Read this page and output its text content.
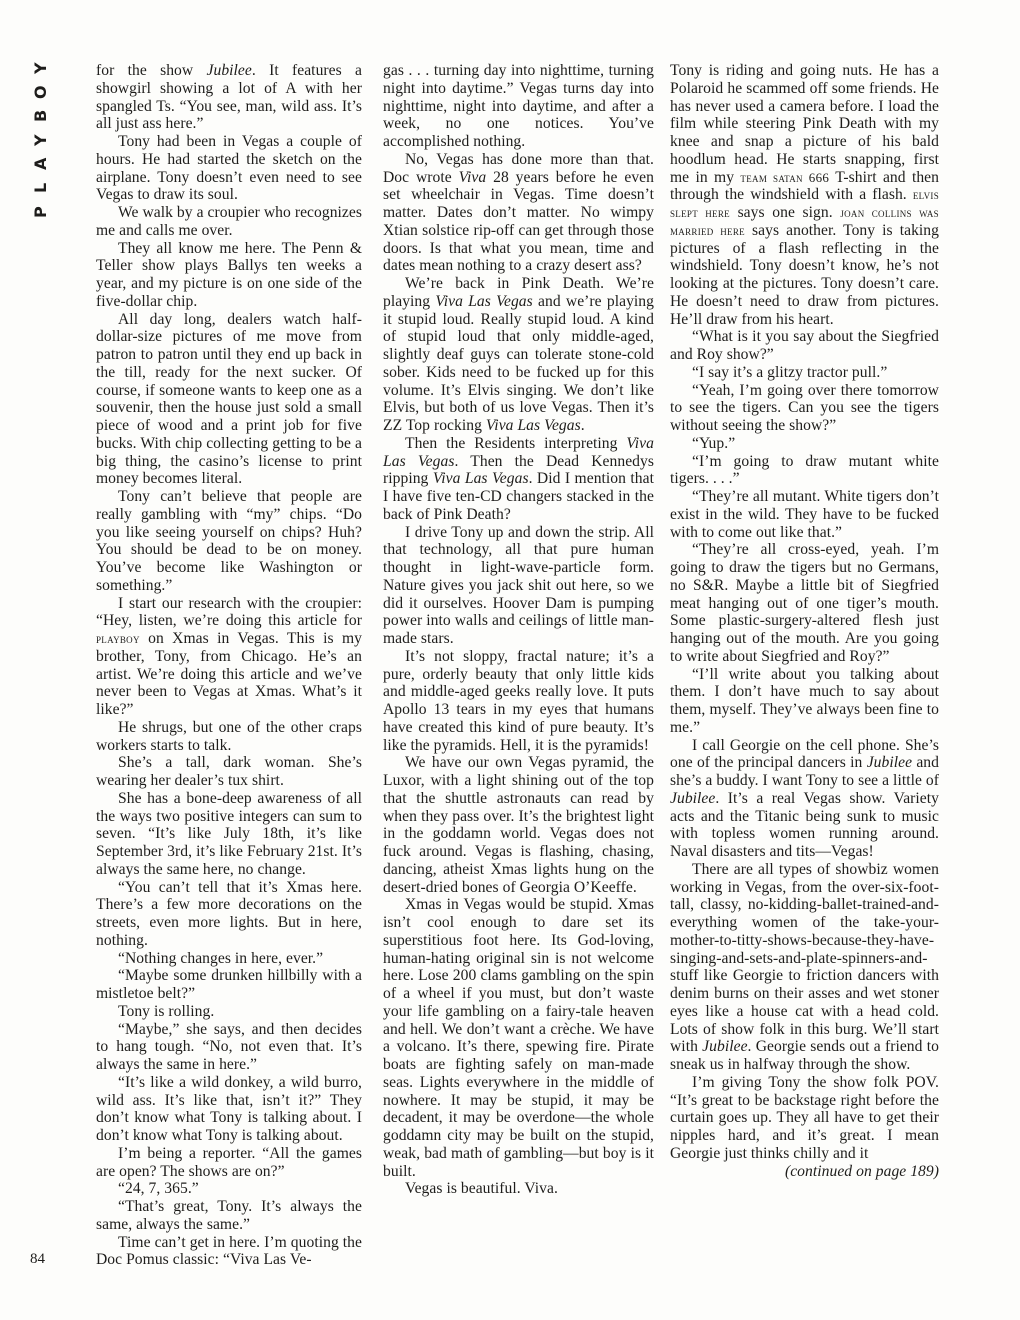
Y
O
B
Y
A
L
P
84

for the show Jubilee. It features a showgirl showing a lot of A with her spangled Ts. “You see, man, wild ass. It’s all just ass here.”

Tony had been in Vegas a couple of hours. He had started the sketch on the airplane. Tony doesn’t even need to see Vegas to draw its soul.

We walk by a croupier who recognizes me and calls me over.

They all know me here. The Penn & Teller show plays Ballys ten weeks a year, and my picture is on one side of the five-dollar chip.

All day long, dealers watch half-dollar-size pictures of me move from patron to patron until they end up back in the till, ready for the next sucker. Of course, if someone wants to keep one as a souvenir, then the house just sold a small piece of wood and a print job for five bucks. With chip collecting getting to be a big thing, the casino’s license to print money becomes literal.

Tony can’t believe that people are really gambling with “my” chips. “Do you like seeing yourself on chips? Huh? You should be dead to be on money. You’ve become like Washington or something.”

I start our research with the croupier: “Hey, listen, we’re doing this article for playboy on Xmas in Vegas. This is my brother, Tony, from Chicago. He’s an artist. We’re doing this article and we’ve never been to Vegas at Xmas. What’s it like?”

He shrugs, but one of the other craps workers starts to talk.

She’s a tall, dark woman. She’s wearing her dealer’s tux shirt.

She has a bone-deep awareness of all the ways two positive integers can sum to seven. “It’s like July 18th, it’s like September 3rd, it’s like February 21st. It’s always the same here, no change.

“You can’t tell that it’s Xmas here. There’s a few more decorations on the streets, even more lights. But in here, nothing.

“Nothing changes in here, ever.”

“Maybe some drunken hillbilly with a mistletoe belt?”

Tony is rolling.

“Maybe,” she says, and then decides to hang tough. “No, not even that. It’s always the same in here.”

“It’s like a wild donkey, a wild burro, wild ass. It’s like that, isn’t it?” They don’t know what Tony is talking about. I don’t know what Tony is talking about.

I’m being a reporter. “All the games are open? The shows are on?”

“24, 7, 365.”

“That’s great, Tony. It’s always the same, always the same.”

Time can’t get in here. I’m quoting the Doc Pomus classic: “Viva Las Ve-

gas . . . turning day into nighttime, turning night into daytime.” Vegas turns day into nighttime, night into daytime, and after a week, no one notices. You’ve accomplished nothing.

No, Vegas has done more than that. Doc wrote Viva 28 years before he even set wheelchair in Vegas. Time doesn’t matter. Dates don’t matter. No wimpy Xtian solstice rip-off can get through those doors. Is that what you mean, time and dates mean nothing to a crazy desert ass?

We’re back in Pink Death. We’re playing Viva Las Vegas and we’re playing it stupid loud. Really stupid loud. A kind of stupid loud that only middle-aged, slightly deaf guys can tolerate stone-cold sober. Kids need to be fucked up for this volume. It’s Elvis singing. We don’t like Elvis, but both of us love Vegas. Then it’s ZZ Top rocking Viva Las Vegas.

Then the Residents interpreting Viva Las Vegas. Then the Dead Kennedys ripping Viva Las Vegas. Did I mention that I have five ten-CD changers stacked in the back of Pink Death?

I drive Tony up and down the strip. All that technology, all that pure human thought in light-wave-particle form. Nature gives you jack shit out here, so we did it ourselves. Hoover Dam is pumping power into walls and ceilings of little man-made stars.

It’s not sloppy, fractal nature; it’s a pure, orderly beauty that only little kids and middle-aged geeks really love. It puts Apollo 13 tears in my eyes that humans have created this kind of pure beauty. It’s like the pyramids. Hell, it is the pyramids!

We have our own Vegas pyramid, the Luxor, with a light shining out of the top that the shuttle astronauts can read by when they pass over. It’s the brightest light in the goddamn world. Vegas does not fuck around. Vegas is flashing, chasing, dancing, atheist Xmas lights hung on the desert-dried bones of Georgia O’Keeffe.

Xmas in Vegas would be stupid. Xmas isn’t cool enough to dare set its superstitious foot here. Its God-loving, human-hating original sin is not welcome here. Lose 200 clams gambling on the spin of a wheel if you must, but don’t waste your life gambling on a fairy-tale heaven and hell. We don’t want a crèche. We have a volcano. It’s there, spewing fire. Pirate boats are fighting safely on man-made seas. Lights everywhere in the middle of nowhere. It may be stupid, it may be decadent, it may be overdone—the whole goddamn city may be built on the stupid, weak, bad math of gambling—but boy is it built.

Vegas is beautiful. Viva.

Tony is riding and going nuts. He has a Polaroid he scammed off some friends. He has never used a camera before. I load the film while steering Pink Death with my knee and snap a picture of his bald hoodlum head. He starts snapping, first me in my team satan 666 T-shirt and then through the windshield with a flash. elvis slept here says one sign. joan collins was married here says another. Tony is taking pictures of a flash reflecting in the windshield. Tony doesn’t know, he’s not looking at the pictures. Tony doesn’t care. He doesn’t need to draw from pictures. He’ll draw from his heart.

“What is it you say about the Siegfried and Roy show?”

“I say it’s a glitzy tractor pull.”

“Yeah, I’m going over there tomorrow to see the tigers. Can you see the tigers without seeing the show?”

“Yup.”

“I’m going to draw mutant white tigers. . . .”

“They’re all mutant. White tigers don’t exist in the wild. They have to be fucked with to come out like that.”

“They’re all cross-eyed, yeah. I’m going to draw the tigers but no Germans, no S&R. Maybe a little bit of Siegfried meat hanging out of one tiger’s mouth. Some plastic-surgery-altered flesh just hanging out of the mouth. Are you going to write about Siegfried and Roy?”

“I’ll write about you talking about them. I don’t have much to say about them, myself. They’ve always been fine to me.”

I call Georgie on the cell phone. She’s one of the principal dancers in Jubilee and she’s a buddy. I want Tony to see a little of Jubilee. It’s a real Vegas show. Variety acts and the Titanic being sunk to music with topless women running around. Naval disasters and tits—Vegas!

There are all types of showbiz women working in Vegas, from the over-six-foot-tall, classy, no-kidding-ballet-trained-and-everything women of the take-your-mother-to-titty-shows-because-they-have-singing-and-sets-and-plate-spinners-and-stuff like Georgie to friction dancers with denim burns on their asses and wet stoner eyes like a house cat with a head cold. Lots of show folk in this burg. We’ll start with Jubilee. Georgie sends out a friend to sneak us in halfway through the show.

I’m giving Tony the show folk POV. “It’s great to be backstage right before the curtain goes up. They all have to get their nipples hard, and it’s great. I mean Georgie just thinks chilly and it

(continued on page 189)
